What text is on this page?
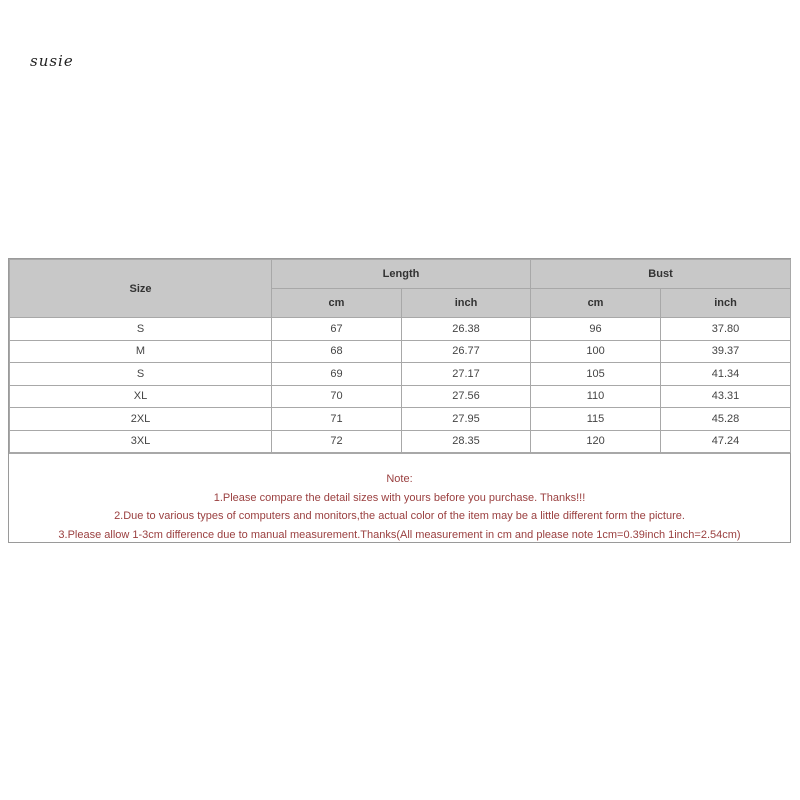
susie
Size	Length		Bust	
	cm	inch	cm	inch
S	67	26.38	96	37.80
M	68	26.77	100	39.37
S	69	27.17	105	41.34
XL	70	27.56	110	43.31
2XL	71	27.95	115	45.28
3XL	72	28.35	120	47.24
Note:
1.Please compare the detail sizes with yours before you purchase. Thanks!!!
2.Due to various types of computers and monitors,the actual color of the item may be a little different form the picture.
3.Please allow 1-3cm difference due to manual measurement.Thanks(All measurement in cm and please note 1cm=0.39inch 1inch=2.54cm)
